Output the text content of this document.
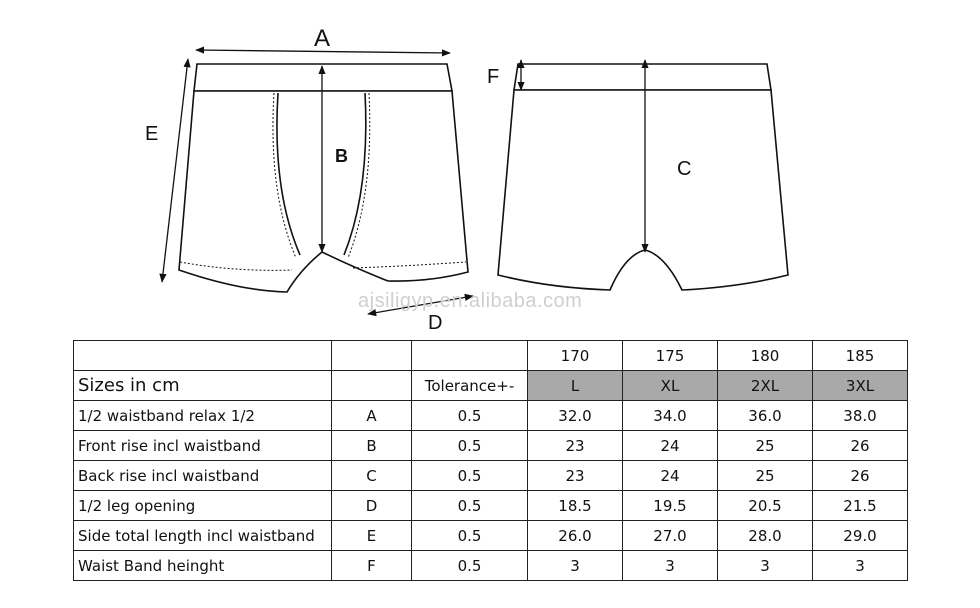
A
B
E
F
C
D
ajsiligyp.en.alibaba.com
			170	175	180	185
Sizes in cm		Tolerance+-	L	XL	2XL	3XL
1/2 waistband relax 1/2	A	0.5	32.0	34.0	36.0	38.0
Front rise incl waistband	B	0.5	23	24	25	26
Back rise incl waistband	C	0.5	23	24	25	26
1/2 leg opening	D	0.5	18.5	19.5	20.5	21.5
Side total length incl waistband	E	0.5	26.0	27.0	28.0	29.0
Waist Band heinght	F	0.5	3	3	3	3
